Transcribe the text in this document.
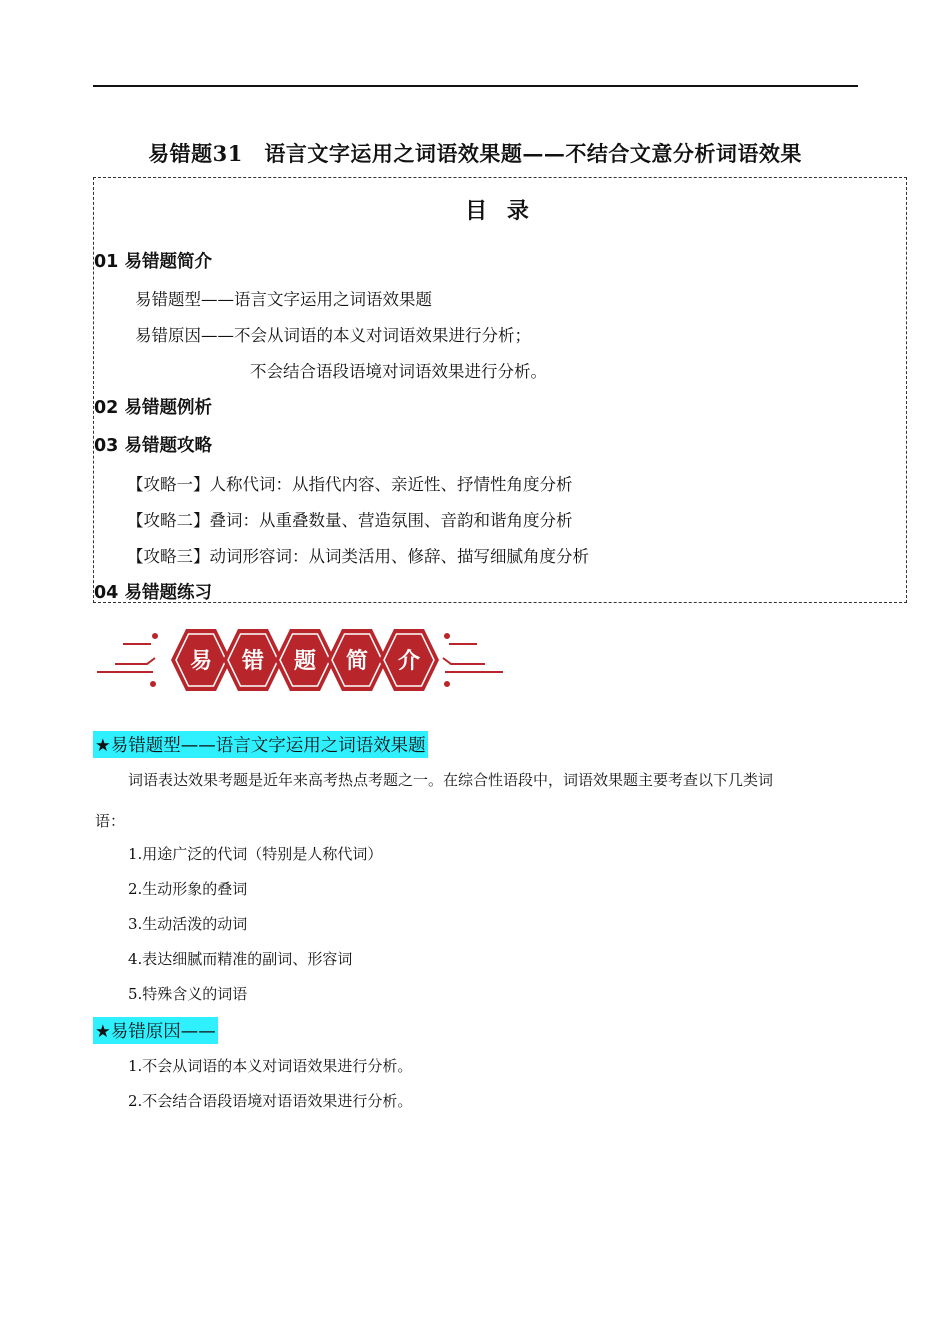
易错题31　语言文字运用之词语效果题——不结合文意分析词语效果
目 录
01 易错题简介
易错题型——语言文字运用之词语效果题
易错原因——不会从词语的本义对词语效果进行分析；
不会结合语段语境对词语效果进行分析。
02 易错题例析
03 易错题攻略
【攻略一】人称代词：从指代内容、亲近性、抒情性角度分析
【攻略二】叠词：从重叠数量、营造氛围、音韵和谐角度分析
【攻略三】动词形容词：从词类活用、修辞、描写细腻角度分析
04 易错题练习
易 错 题 简 介
★易错题型——语言文字运用之词语效果题
词语表达效果考题是近年来高考热点考题之一。在综合性语段中，词语效果题主要考查以下几类词
语：
1.用途广泛的代词（特别是人称代词）
2.生动形象的叠词
3.生动活泼的动词
4.表达细腻而精准的副词、形容词
5.特殊含义的词语
★易错原因——
1.不会从词语的本义对词语效果进行分析。
2.不会结合语段语境对语语效果进行分析。
